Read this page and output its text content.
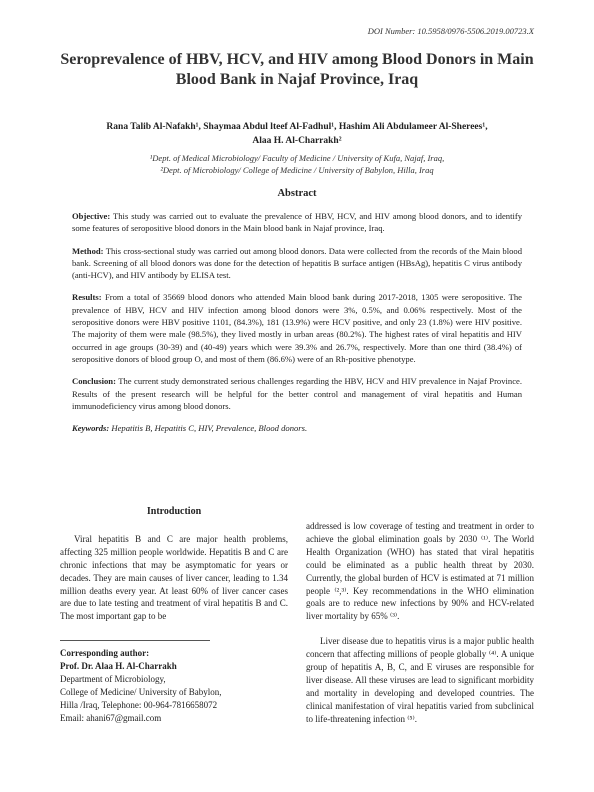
DOI Number: 10.5958/0976-5506.2019.00723.X
Seroprevalence of HBV, HCV, and HIV among Blood Donors in Main Blood Bank in Najaf Province, Iraq
Rana Talib Al-Nafakh¹, Shaymaa Abdul lteef Al-Fadhul¹, Hashim Ali Abdulameer Al-Sherees¹,
Alaa H. Al-Charrakh²
¹Dept. of Medical Microbiology/ Faculty of Medicine / University of Kufa, Najaf, Iraq,
²Dept. of Microbiology/ College of Medicine / University of Babylon, Hilla, Iraq
Abstract

Objective: This study was carried out to evaluate the prevalence of HBV, HCV, and HIV among blood donors, and to identify some features of seropositive blood donors in the Main blood bank in Najaf province, Iraq.

Method: This cross-sectional study was carried out among blood donors. Data were collected from the records of the Main blood bank. Screening of all blood donors was done for the detection of hepatitis B surface antigen (HBsAg), hepatitis C virus antibody (anti-HCV), and HIV antibody by ELISA test.

Results: From a total of 35669 blood donors who attended Main blood bank during 2017-2018, 1305 were seropositive. The prevalence of HBV, HCV and HIV infection among blood donors were 3%, 0.5%, and 0.06% respectively. Most of the seropositive donors were HBV positive 1101, (84.3%), 181 (13.9%) were HCV positive, and only 23 (1.8%) were HIV positive. The majority of them were male (98.5%), they lived mostly in urban areas (80.2%). The highest rates of viral hepatitis and HIV occurred in age groups (30-39) and (40-49) years which were 39.3% and 26.7%, respectively. More than one third (38.4%) of seropositive donors of blood group O, and most of them (86.6%) were of an Rh-positive phenotype.

Conclusion: The current study demonstrated serious challenges regarding the HBV, HCV and HIV prevalence in Najaf Province. Results of the present research will be helpful for the better control and management of viral hepatitis and Human immunodeficiency virus among blood donors.

Keywords: Hepatitis B, Hepatitis C, HIV, Prevalence, Blood donors.

Introduction

Viral hepatitis B and C are major health problems, affecting 325 million people worldwide. Hepatitis B and C are chronic infections that may be asymptomatic for years or decades. They are main causes of liver cancer, leading to 1.34 million deaths every year. At least 60% of liver cancer cases are due to late testing and treatment of viral hepatitis B and C. The most important gap to be

addressed is low coverage of testing and treatment in order to achieve the global elimination goals by 2030 ⁽¹⁾. The World Health Organization (WHO) has stated that viral hepatitis could be eliminated as a public health threat by 2030. Currently, the global burden of HCV is estimated at 71 million people ⁽²,³⁾. Key recommendations in the WHO elimination goals are to reduce new infections by 90% and HCV-related liver mortality by 65% ⁽³⁾.

Liver disease due to hepatitis virus is a major public health concern that affecting millions of people globally ⁽⁴⁾. A unique group of hepatitis A, B, C, and E viruses are responsible for liver disease. All these viruses are lead to significant morbidity and mortality in developing and developed countries. The clinical manifestation of viral hepatitis varied from subclinical to life-threatening infection ⁽⁵⁾.

Corresponding author:
Prof. Dr. Alaa H. Al-Charrakh
Department of Microbiology,
College of Medicine/ University of Babylon,
Hilla /Iraq, Telephone: 00-964-7816658072
Email: ahani67@gmail.com
